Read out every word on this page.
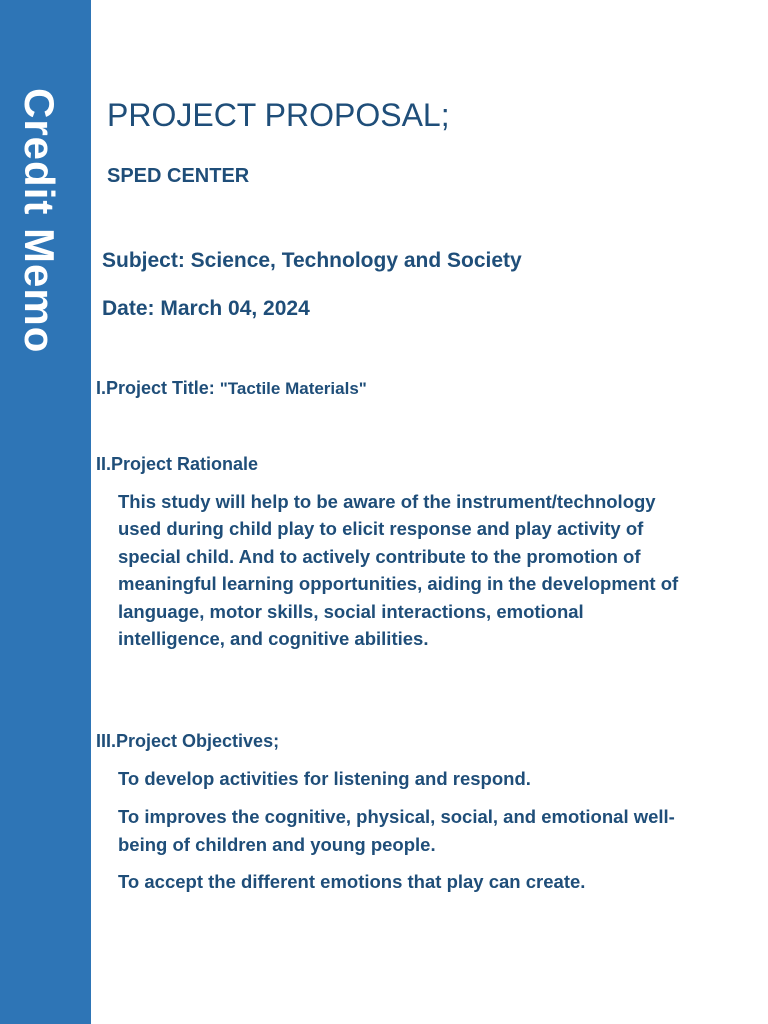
Credit Memo PROJECT PROPOSAL;
SPED CENTER
Subject: Science, Technology and Society
Date: March 04, 2024
I.Project Title: "Tactile Materials"
II.Project Rationale

This study will help to be aware of the instrument/technology used during child play to elicit response and play activity of special child. And to actively contribute to the promotion of meaningful learning opportunities, aiding in the development of language, motor skills, social interactions, emotional intelligence, and cognitive abilities.

III.Project Objectives;

To develop activities for listening and respond.

To improves the cognitive, physical, social, and emotional well-being of children and young people.

To accept the different emotions that play can create.
